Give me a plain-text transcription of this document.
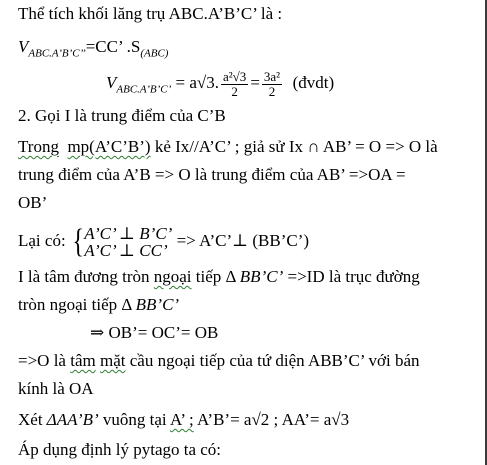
Thể tích khối lăng trụ ABC.A’B’C’ là :
$V_{ABC.A’B’C’’}=CC$’ $.S_{(ABC)}$
$V_{ABC.A’B’C’} = a√3$. $\frac{\text{a²√3}}{2} = \frac{\text{3a²}}{2}$ (đvdt)
2. Gọi I là trung điểm của C’B
Trong mp(A’C’B’) kẻ Ix//A’C’ ; giả sử Ix ∩ AB’ = O => O là
trung điểm của A’B => O là trung điểm của AB’ =>OA =
OB’
Lại có: { A’C’ ⊥ B’C’
A’C’ ⊥ CC’
=> A’C’⊥ (BB’C’)
I là tâm đương tròn ngoại tiếp Δ BB’C’ =>ID là trục đường
tròn ngoại tiếp Δ BB’C’
⇒ OB’= OC’= OB
=>O là tâm mặt cầu ngoại tiếp của tứ diện ABB’C’ với bán
kính là OA
Xét ΔAA’B’ vuông tại A’ ; A’B’= a√2 ; AA’= a√3
Áp dụng định lý pytago ta có:
